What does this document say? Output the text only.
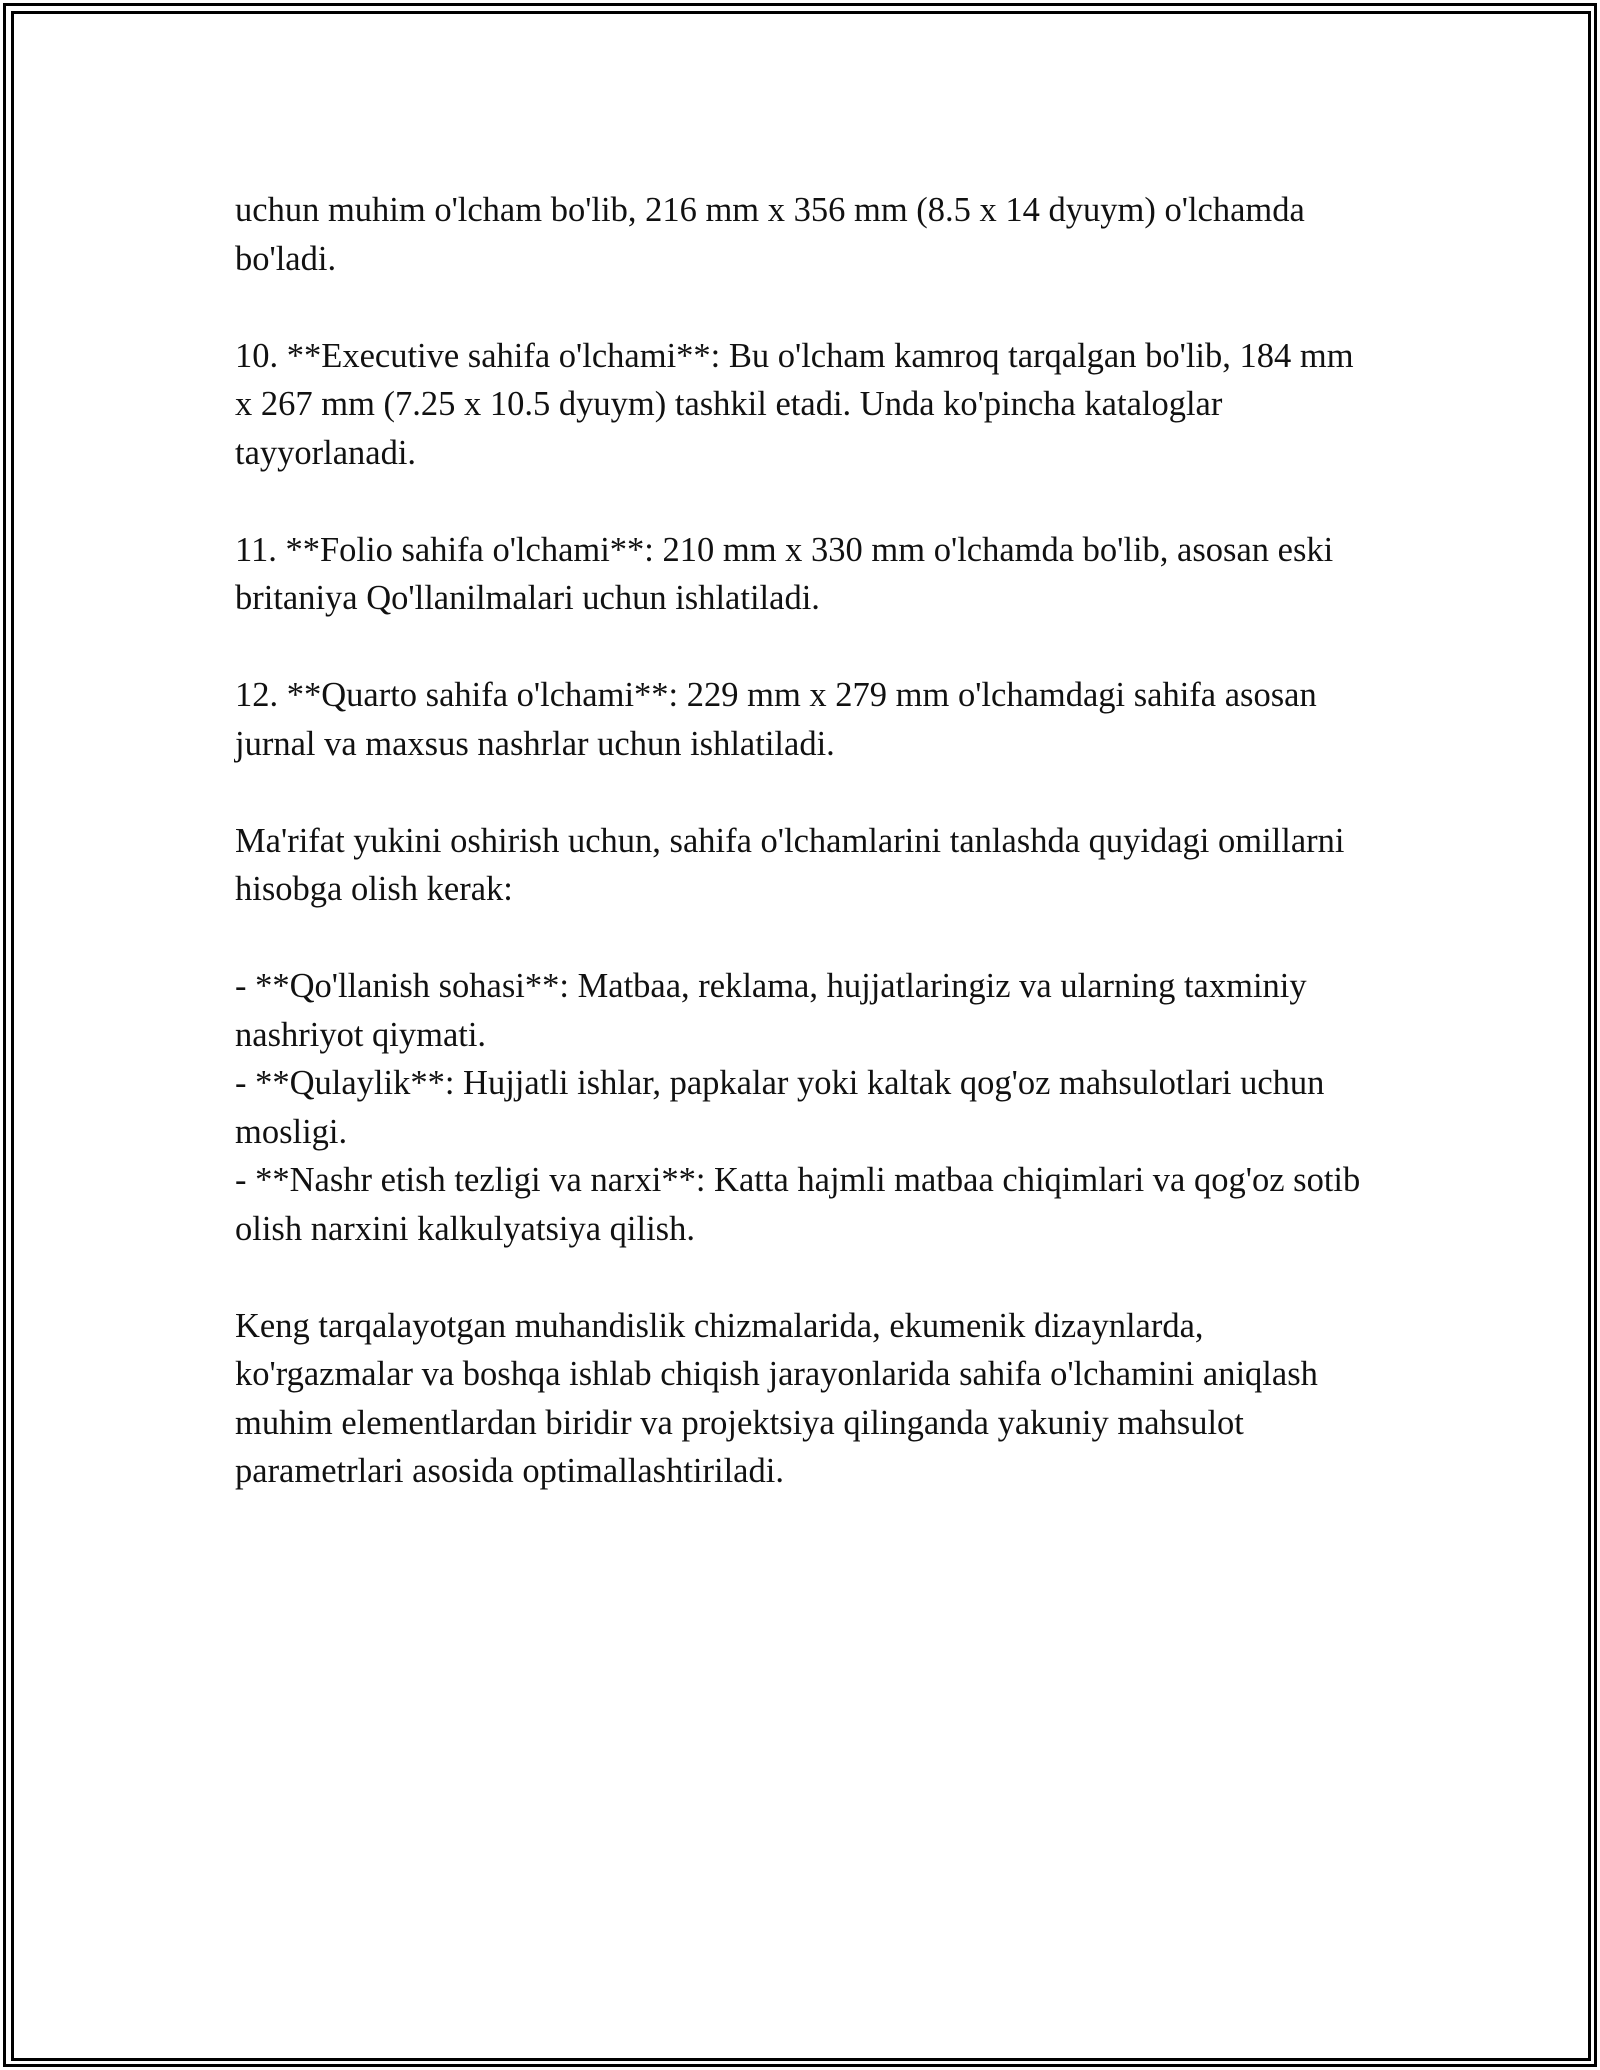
uchun muhim o'lcham bo'lib, 216 mm x 356 mm (8.5 x 14 dyuym) o'lchamda bo'ladi.

10. **Executive sahifa o'lchami**: Bu o'lcham kamroq tarqalgan bo'lib, 184 mm x 267 mm (7.25 x 10.5 dyuym) tashkil etadi. Unda ko'pincha kataloglar tayyorlanadi.

11. **Folio sahifa o'lchami**: 210 mm x 330 mm o'lchamda bo'lib, asosan eski britaniya Qo'llanilmalari uchun ishlatiladi.

12. **Quarto sahifa o'lchami**: 229 mm x 279 mm o'lchamdagi sahifa asosan jurnal va maxsus nashrlar uchun ishlatiladi.

Ma'rifat yukini oshirish uchun, sahifa o'lchamlarini tanlashda quyidagi omillarni hisobga olish kerak:

- **Qo'llanish sohasi**: Matbaa, reklama, hujjatlaringiz va ularning taxminiy nashriyot qiymati.

- **Qulaylik**: Hujjatli ishlar, papkalar yoki kaltak qog'oz mahsulotlari uchun mosligi.

- **Nashr etish tezligi va narxi**: Katta hajmli matbaa chiqimlari va qog'oz sotib olish narxini kalkulyatsiya qilish.

Keng tarqalayotgan muhandislik chizmalarida, ekumenik dizaynlarda, ko'rgazmalar va boshqa ishlab chiqish jarayonlarida sahifa o'lchamini aniqlash muhim elementlardan biridir va projektsiya qilinganda yakuniy mahsulot parametrlari asosida optimallashtiriladi.
